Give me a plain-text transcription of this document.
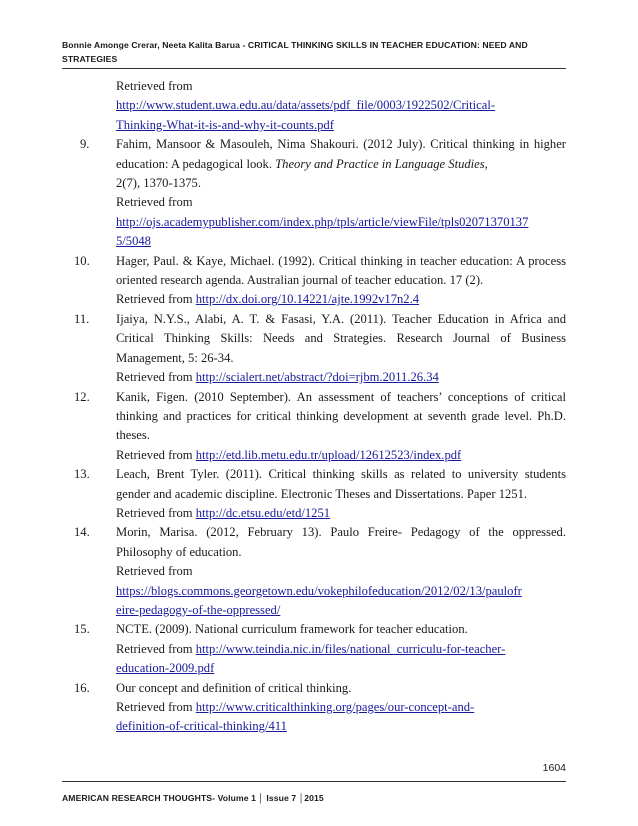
Bonnie Amonge Crerar, Neeta Kalita Barua - CRITICAL THINKING SKILLS IN TEACHER EDUCATION: NEED AND STRATEGIES
Retrieved from
http://www.student.uwa.edu.au/data/assets/pdf_file/0003/1922502/Critical-
Thinking-What-it-is-and-why-it-counts.pdf
9. Fahim, Mansoor & Masouleh, Nima Shakouri. (2012 July). Critical thinking in higher education: A pedagogical look. Theory and Practice in Language Studies,
2(7), 1370-1375.
Retrieved from
http://ojs.academypublisher.com/index.php/tpls/article/viewFile/tpls02071370137
5/5048
10. Hager, Paul. & Kaye, Michael. (1992). Critical thinking in teacher education: A process oriented research agenda. Australian journal of teacher education. 17 (2).
Retrieved from http://dx.doi.org/10.14221/ajte.1992v17n2.4
11. Ijaiya, N.Y.S., Alabi, A. T. & Fasasi, Y.A. (2011). Teacher Education in Africa and Critical Thinking Skills: Needs and Strategies. Research Journal of Business Management, 5: 26-34.
Retrieved from http://scialert.net/abstract/?doi=rjbm.2011.26.34
12. Kanik, Figen. (2010 September). An assessment of teachers’ conceptions of critical thinking and practices for critical thinking development at seventh grade level. Ph.D. theses.
Retrieved from http://etd.lib.metu.edu.tr/upload/12612523/index.pdf
13. Leach, Brent Tyler. (2011). Critical thinking skills as related to university students gender and academic discipline. Electronic Theses and Dissertations. Paper 1251.
Retrieved from http://dc.etsu.edu/etd/1251
14. Morin, Marisa. (2012, February 13). Paulo Freire- Pedagogy of the oppressed. Philosophy of education.
Retrieved from
https://blogs.commons.georgetown.edu/vokephilofeducation/2012/02/13/paulofr
eire-pedagogy-of-the-oppressed/
15. NCTE. (2009). National curriculum framework for teacher education.
Retrieved from http://www.teindia.nic.in/files/national_curriculu-for-teacher-
education-2009.pdf
16. Our concept and definition of critical thinking.
Retrieved from http://www.criticalthinking.org/pages/our-concept-and-
definition-of-critical-thinking/411
1604
AMERICAN RESEARCH THOUGHTS- Volume 1 │ Issue 7 │2015
